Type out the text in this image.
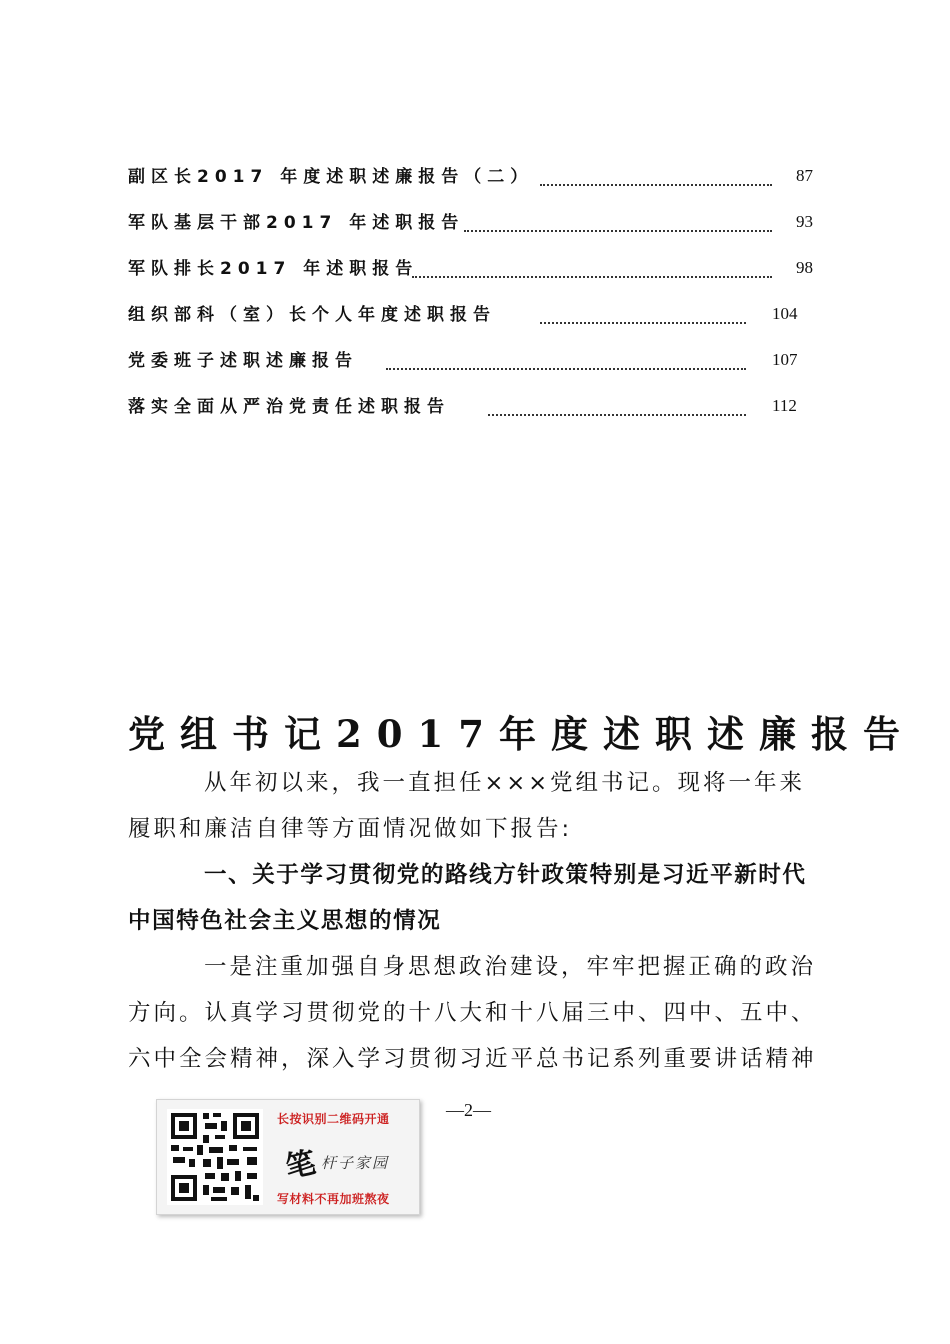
副区长2017 年度述职述廉报告（二）	87
军队基层干部2017 年述职报告	93
军队排长2017 年述职报告	98
组织部科（室）长个人年度述职报告	104
党委班子述职述廉报告	107
落实全面从严治党责任述职报告	112
党组书记2017年度述职述廉报告
从年初以来，我一直担任×××党组书记。现将一年来履职和廉洁自律等方面情况做如下报告:
一、关于学习贯彻党的路线方针政策特别是习近平新时代中国特色社会主义思想的情况
一是注重加强自身思想政治建设，牢牢把握正确的政治方向。认真学习贯彻党的十八大和十八届三中、四中、五中、六中全会精神，深入学习贯彻习近平总书记系列重要讲话精神
—2—
长按识别二维码开通
笔 杆子家园
写材料不再加班熬夜
